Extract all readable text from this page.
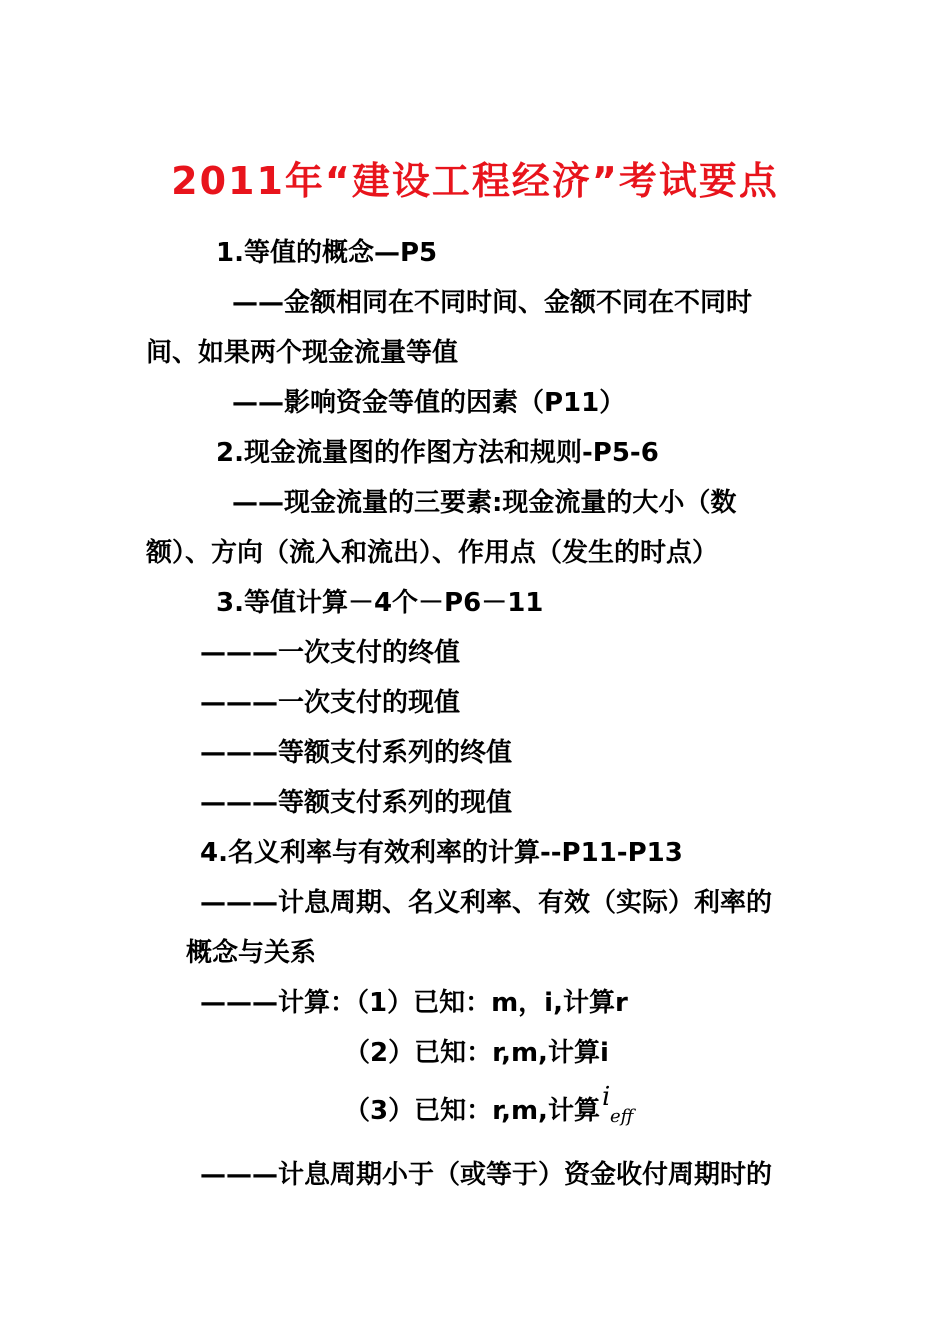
2011年“建设工程经济”考试要点
1.等值的概念—P5
——金额相同在不同时间、金额不同在不同时
间、如果两个现金流量等值
——影响资金等值的因素（P11）
2.现金流量图的作图方法和规则-P5-6
——现金流量的三要素:现金流量的大小（数
额）、方向（流入和流出）、作用点（发生的时点）
3.等值计算－4个－P6－11
———一次支付的终值
———一次支付的现值
———等额支付系列的终值
———等额支付系列的现值
4.名义利率与有效利率的计算--P11-P13
———计息周期、名义利率、有效（实际）利率的
概念与关系
———计算：（1）已知：m，i,计算r
（2）已知：r,m,计算i
（3）已知：r,m,计算 i
eff
———计息周期小于（或等于）资金收付周期时的
